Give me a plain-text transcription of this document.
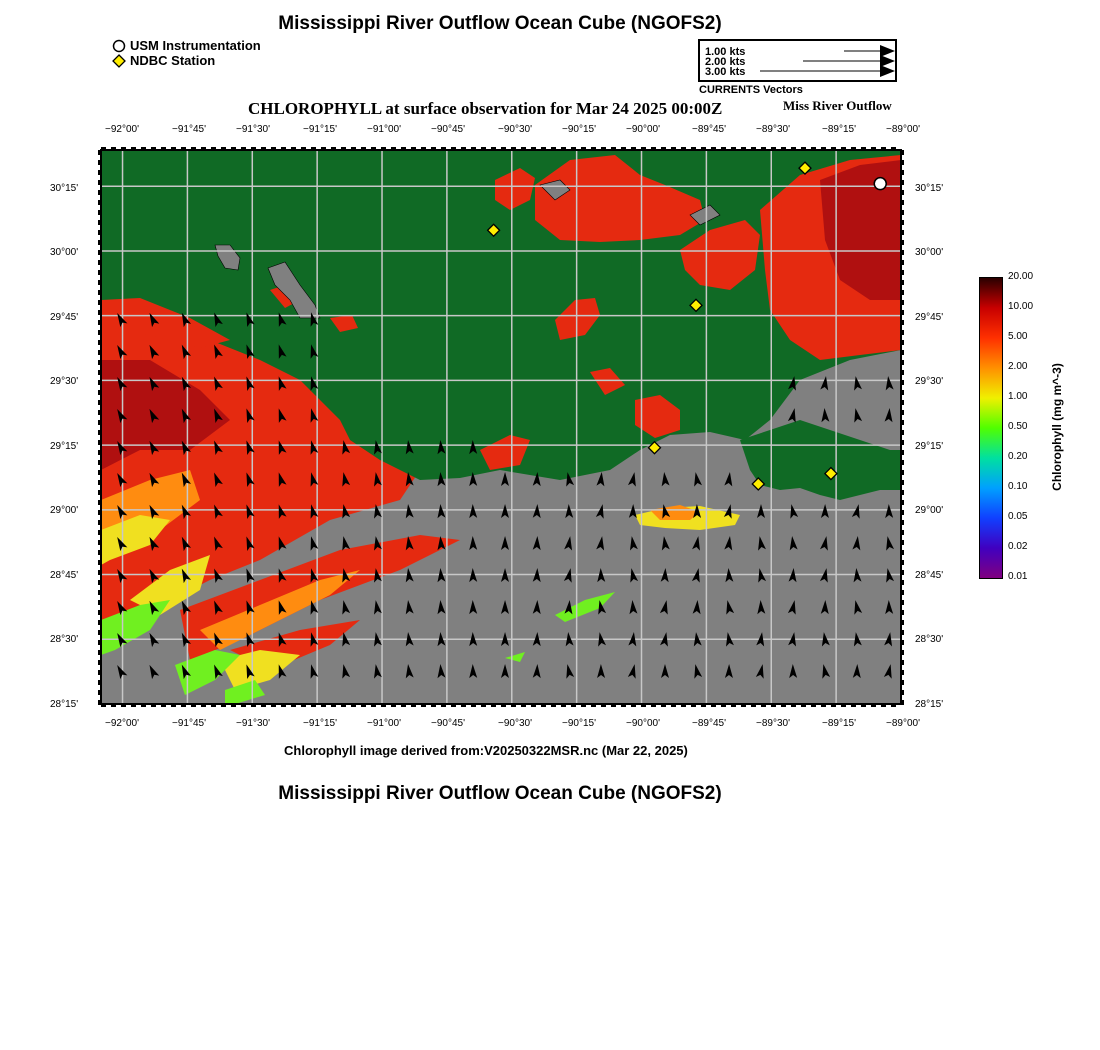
Mississippi River Outflow Ocean Cube (NGOFS2)
USM Instrumentation
NDBC Station
1.00 kts
2.00 kts
3.00 kts
CURRENTS Vectors
CHLOROPHYLL at surface observation for Mar 24 2025 00:00Z	Miss River Outflow
−92°00'	−91°45'	−91°30'	−91°15'	−91°00'	−90°45'	−90°30'	−90°15'	−90°00'	−89°45'	−89°30'	−89°15'	−89°00'
−92°00'	−91°45'	−91°30'	−91°15'	−91°00'	−90°45'	−90°30'	−90°15'	−90°00'	−89°45'	−89°30'	−89°15'	−89°00'
30°15'
30°00'
29°45'
29°30'
29°15'
29°00'
28°45'
28°30'
28°15'
30°15'
30°00'
29°45'
29°30'
29°15'
29°00'
28°45'
28°30'
28°15'
20.00
10.00
5.00
2.00
1.00
0.50
0.20
0.10
0.05
0.02
0.01
Chlorophyll (mg m^-3)
Chlorophyll image derived from:V20250322MSR.nc (Mar 22, 2025)
Mississippi River Outflow Ocean Cube (NGOFS2)
